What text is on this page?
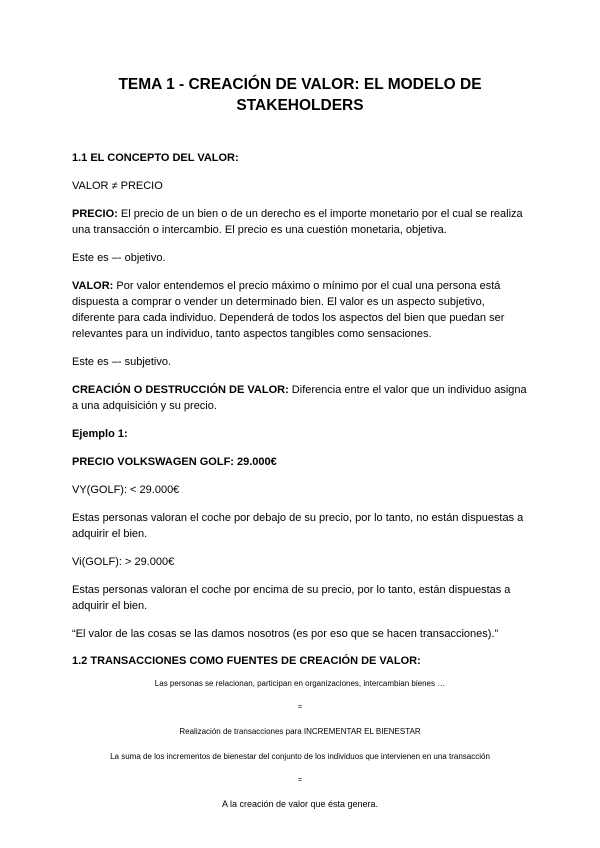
TEMA 1 - CREACIÓN DE VALOR: EL MODELO DE
STAKEHOLDERS
1.1 EL CONCEPTO DEL VALOR:

VALOR ≠ PRECIO

PRECIO: El precio de un bien o de un derecho es el importe monetario por el cual se realiza una transacción o intercambio. El precio es una cuestión monetaria, objetiva.

Este es –- objetivo.

VALOR: Por valor entendemos el precio máximo o mínimo por el cual una persona está dispuesta a comprar o vender un determinado bien. El valor es un aspecto subjetivo, diferente para cada individuo. Dependerá de todos los aspectos del bien que puedan ser relevantes para un individuo, tanto aspectos tangibles como sensaciones.

Este es –- subjetivo.

CREACIÓN O DESTRUCCIÓN DE VALOR: Diferencia entre el valor que un individuo asigna a una adquisición y su precio.

Ejemplo 1:

PRECIO VOLKSWAGEN GOLF: 29.000€

VY(GOLF): < 29.000€

Estas personas valoran el coche por debajo de su precio, por lo tanto, no están dispuestas a adquirir el bien.

Vi(GOLF): > 29.000€

Estas personas valoran el coche por encima de su precio, por lo tanto, están dispuestas a adquirir el bien.

“El valor de las cosas se las damos nosotros (es por eso que se hacen transacciones).”

1.2 TRANSACCIONES COMO FUENTES DE CREACIÓN DE VALOR:

Las personas se relacionan, participan en organizaciones, intercambian bienes …

=

Realización de transacciones para INCREMENTAR EL BIENESTAR

La suma de los incrementos de bienestar del conjunto de los individuos que intervienen en una transacción

=

A la creación de valor que ésta genera.
